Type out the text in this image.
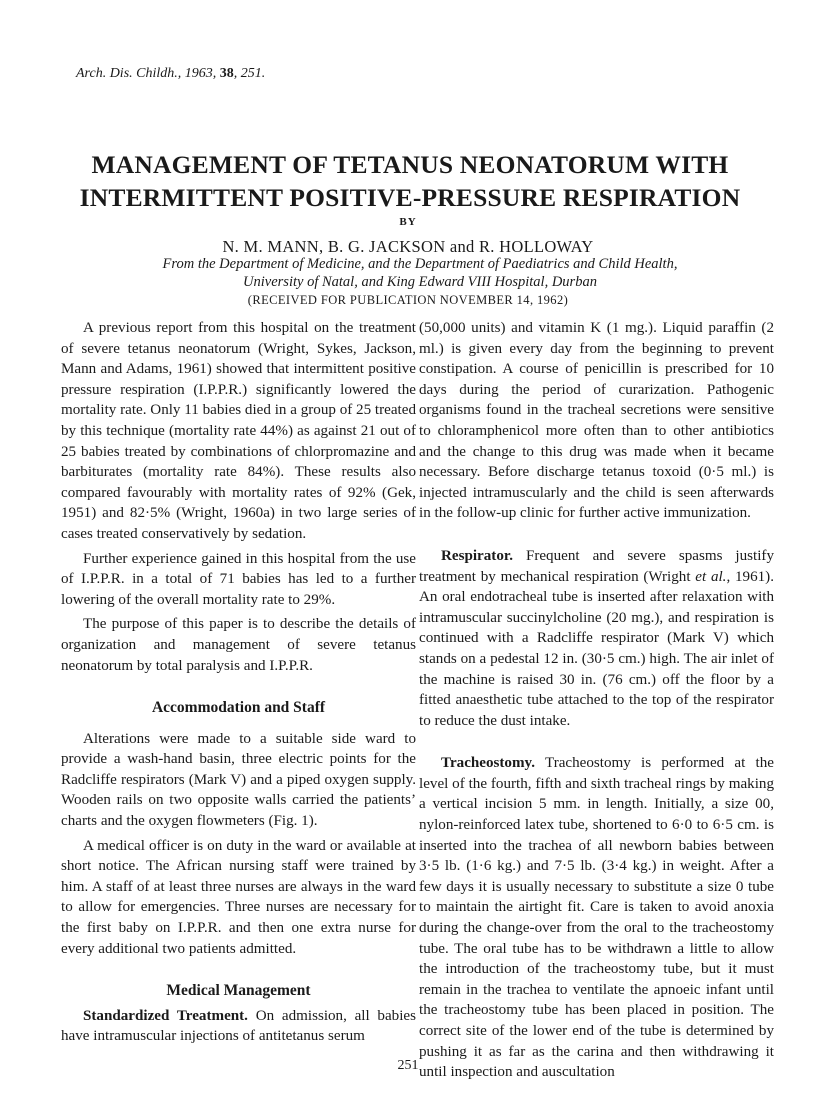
Arch. Dis. Childh., 1963, 38, 251.
MANAGEMENT OF TETANUS NEONATORUM WITH
INTERMITTENT POSITIVE-PRESSURE RESPIRATION
BY
N. M. MANN, B. G. JACKSON and R. HOLLOWAY
From the Department of Medicine, and the Department of Paediatrics and Child Health,
University of Natal, and King Edward VIII Hospital, Durban
(RECEIVED FOR PUBLICATION NOVEMBER 14, 1962)

A previous report from this hospital on the treatment of severe tetanus neonatorum (Wright, Sykes, Jackson, Mann and Adams, 1961) showed that intermittent positive pressure respiration (I.P.P.R.) significantly lowered the mortality rate. Only 11 babies died in a group of 25 treated by this technique (mortality rate 44%) as against 21 out of 25 babies treated by combinations of chlorpromazine and barbiturates (mortality rate 84%). These results also compared favourably with mortality rates of 92% (Gek, 1951) and 82·5% (Wright, 1960a) in two large series of cases treated conservatively by sedation.

Further experience gained in this hospital from the use of I.P.P.R. in a total of 71 babies has led to a further lowering of the overall mortality rate to 29%.

The purpose of this paper is to describe the details of organization and management of severe tetanus neonatorum by total paralysis and I.P.P.R.

Accommodation and Staff

Alterations were made to a suitable side ward to provide a wash-hand basin, three electric points for the Radcliffe respirators (Mark V) and a piped oxygen supply. Wooden rails on two opposite walls carried the patients’ charts and the oxygen flowmeters (Fig. 1).

A medical officer is on duty in the ward or available at short notice. The African nursing staff were trained by him. A staff of at least three nurses are always in the ward to allow for emergencies. Three nurses are necessary for the first baby on I.P.P.R. and then one extra nurse for every additional two patients admitted.

Medical Management

Standardized Treatment. On admission, all babies have intramuscular injections of antitetanus serum

(50,000 units) and vitamin K (1 mg.). Liquid paraffin (2 ml.) is given every day from the beginning to prevent constipation. A course of penicillin is prescribed for 10 days during the period of curarization. Pathogenic organisms found in the tracheal secretions were sensitive to chloramphenicol more often than to other antibiotics and the change to this drug was made when it became necessary. Before discharge tetanus toxoid (0·5 ml.) is injected intramuscularly and the child is seen afterwards in the follow-up clinic for further active immunization.

Respirator. Frequent and severe spasms justify treatment by mechanical respiration (Wright et al., 1961). An oral endotracheal tube is inserted after relaxation with intramuscular succinylcholine (20 mg.), and respiration is continued with a Radcliffe respirator (Mark V) which stands on a pedestal 12 in. (30·5 cm.) high. The air inlet of the machine is raised 30 in. (76 cm.) off the floor by a fitted anaesthetic tube attached to the top of the respirator to reduce the dust intake.

Tracheostomy. Tracheostomy is performed at the level of the fourth, fifth and sixth tracheal rings by making a vertical incision 5 mm. in length. Initially, a size 00, nylon-reinforced latex tube, shortened to 6·0 to 6·5 cm. is inserted into the trachea of all newborn babies between 3·5 lb. (1·6 kg.) and 7·5 lb. (3·4 kg.) in weight. After a few days it is usually necessary to substitute a size 0 tube to maintain the airtight fit. Care is taken to avoid anoxia during the change-over from the oral to the tracheostomy tube. The oral tube has to be withdrawn a little to allow the introduction of the tracheostomy tube, but it must remain in the trachea to ventilate the apnoeic infant until the tracheostomy tube has been placed in position. The correct site of the lower end of the tube is determined by pushing it as far as the carina and then withdrawing it until inspection and auscultation

251
